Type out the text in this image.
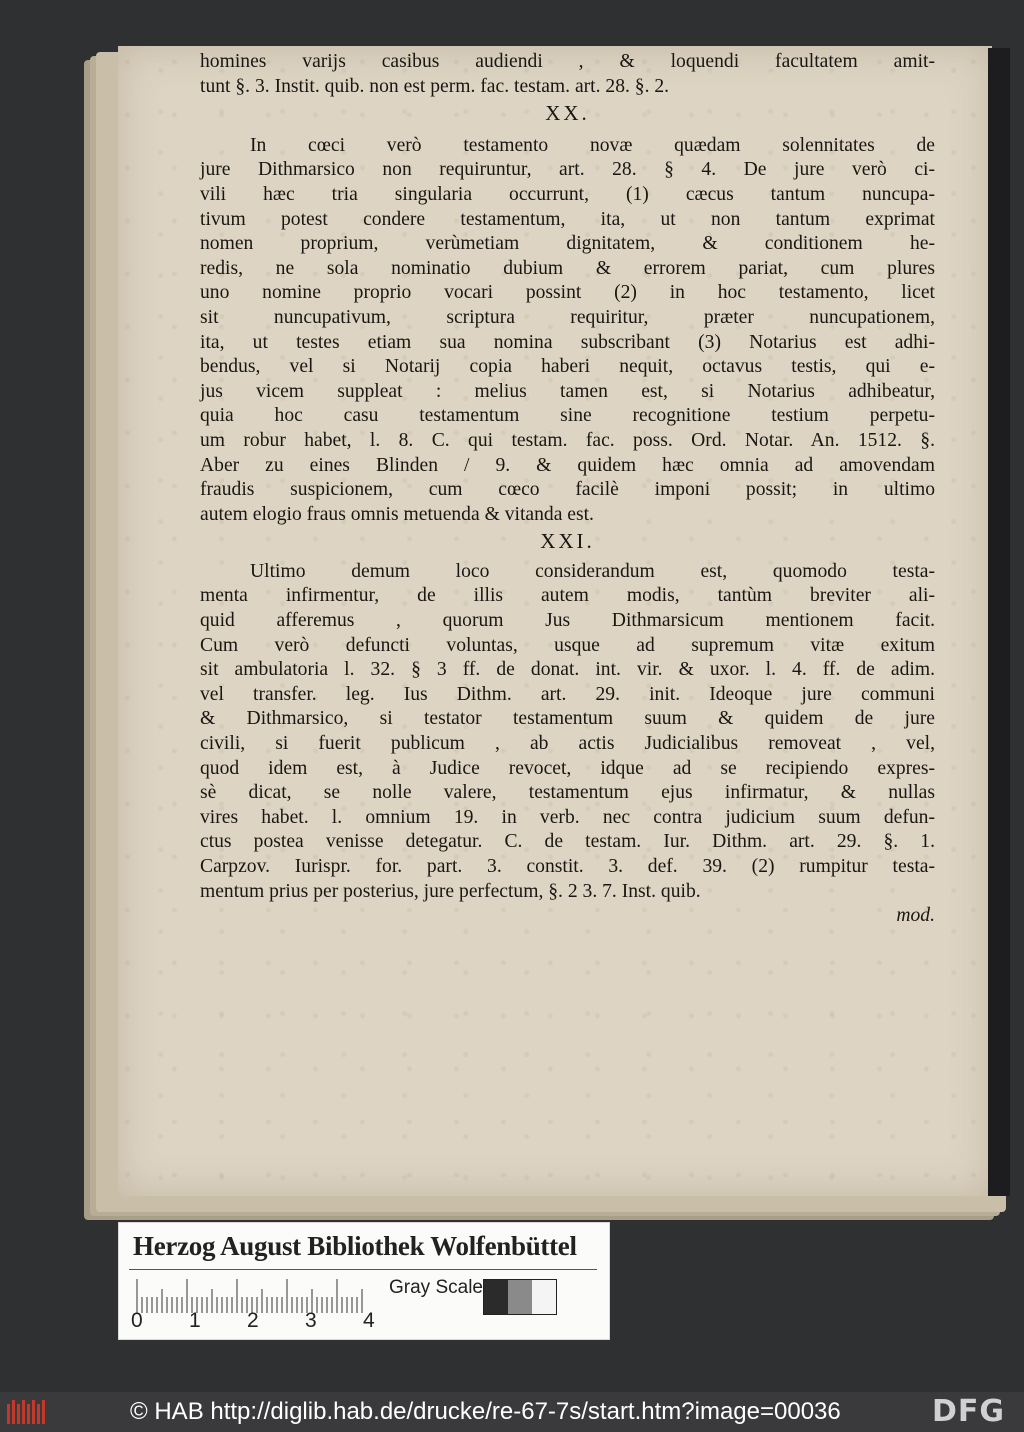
homines varijs casibus audiendi , & loquendi facultatem amit-
tunt §. 3. Instit. quib. non est perm. fac. testam. art. 28. §. 2.
XX.
In cœci verò testamento novæ quædam solennitates de
jure Dithmarsico non requiruntur, art. 28. § 4. De jure verò ci-
vili hæc tria singularia occurrunt, (1) cæcus tantum nuncupa-
tivum potest condere testamentum, ita, ut non tantum exprimat
nomen proprium, verùmetiam dignitatem, & conditionem he-
redis, ne sola nominatio dubium & errorem pariat, cum plures
uno nomine proprio vocari possint (2) in hoc testamento, licet
sit nuncupativum, scriptura requiritur, præter nuncupationem,
ita, ut testes etiam sua nomina subscribant (3) Notarius est adhi-
bendus, vel si Notarij copia haberi nequit, octavus testis, qui e-
jus vicem suppleat : melius tamen est, si Notarius adhibeatur,
quia hoc casu testamentum sine recognitione testium perpetu-
um robur habet, l. 8. C. qui testam. fac. poss. Ord. Notar. An. 1512. §.
Aber zu eines Blinden / 9. & quidem hæc omnia ad amovendam
fraudis suspicionem, cum cœco facilè imponi possit; in ultimo
autem elogio fraus omnis metuenda & vitanda est.
XXI.
Ultimo demum loco considerandum est, quomodo testa-
menta infirmentur, de illis autem modis, tantùm breviter ali-
quid afferemus , quorum Jus Dithmarsicum mentionem facit.
Cum verò defuncti voluntas, usque ad supremum vitæ exitum
sit ambulatoria l. 32. § 3 ff. de donat. int. vir. & uxor. l. 4. ff. de adim.
vel transfer. leg. Ius Dithm. art. 29. init. Ideoque jure communi
& Dithmarsico, si testator testamentum suum & quidem de jure
civili, si fuerit publicum , ab actis Judicialibus removeat , vel,
quod idem est, à Judice revocet, idque ad se recipiendo expres-
sè dicat, se nolle valere, testamentum ejus infirmatur, & nullas
vires habet. l. omnium 19. in verb. nec contra judicium suum defun-
ctus postea venisse detegatur. C. de testam. Iur. Dithm. art. 29. §. 1.
Carpzov. Iurispr. for. part. 3. constit. 3. def. 39. (2) rumpitur testa-
mentum prius per posterius, jure perfectum, §. 2 3. 7. Inst. quib.
mod.
Herzog August Bibliothek Wolfenbüttel
0 1 2 3 4
Gray Scale
© HAB http://diglib.hab.de/drucke/re-67-7s/start.htm?image=00036	DFG
